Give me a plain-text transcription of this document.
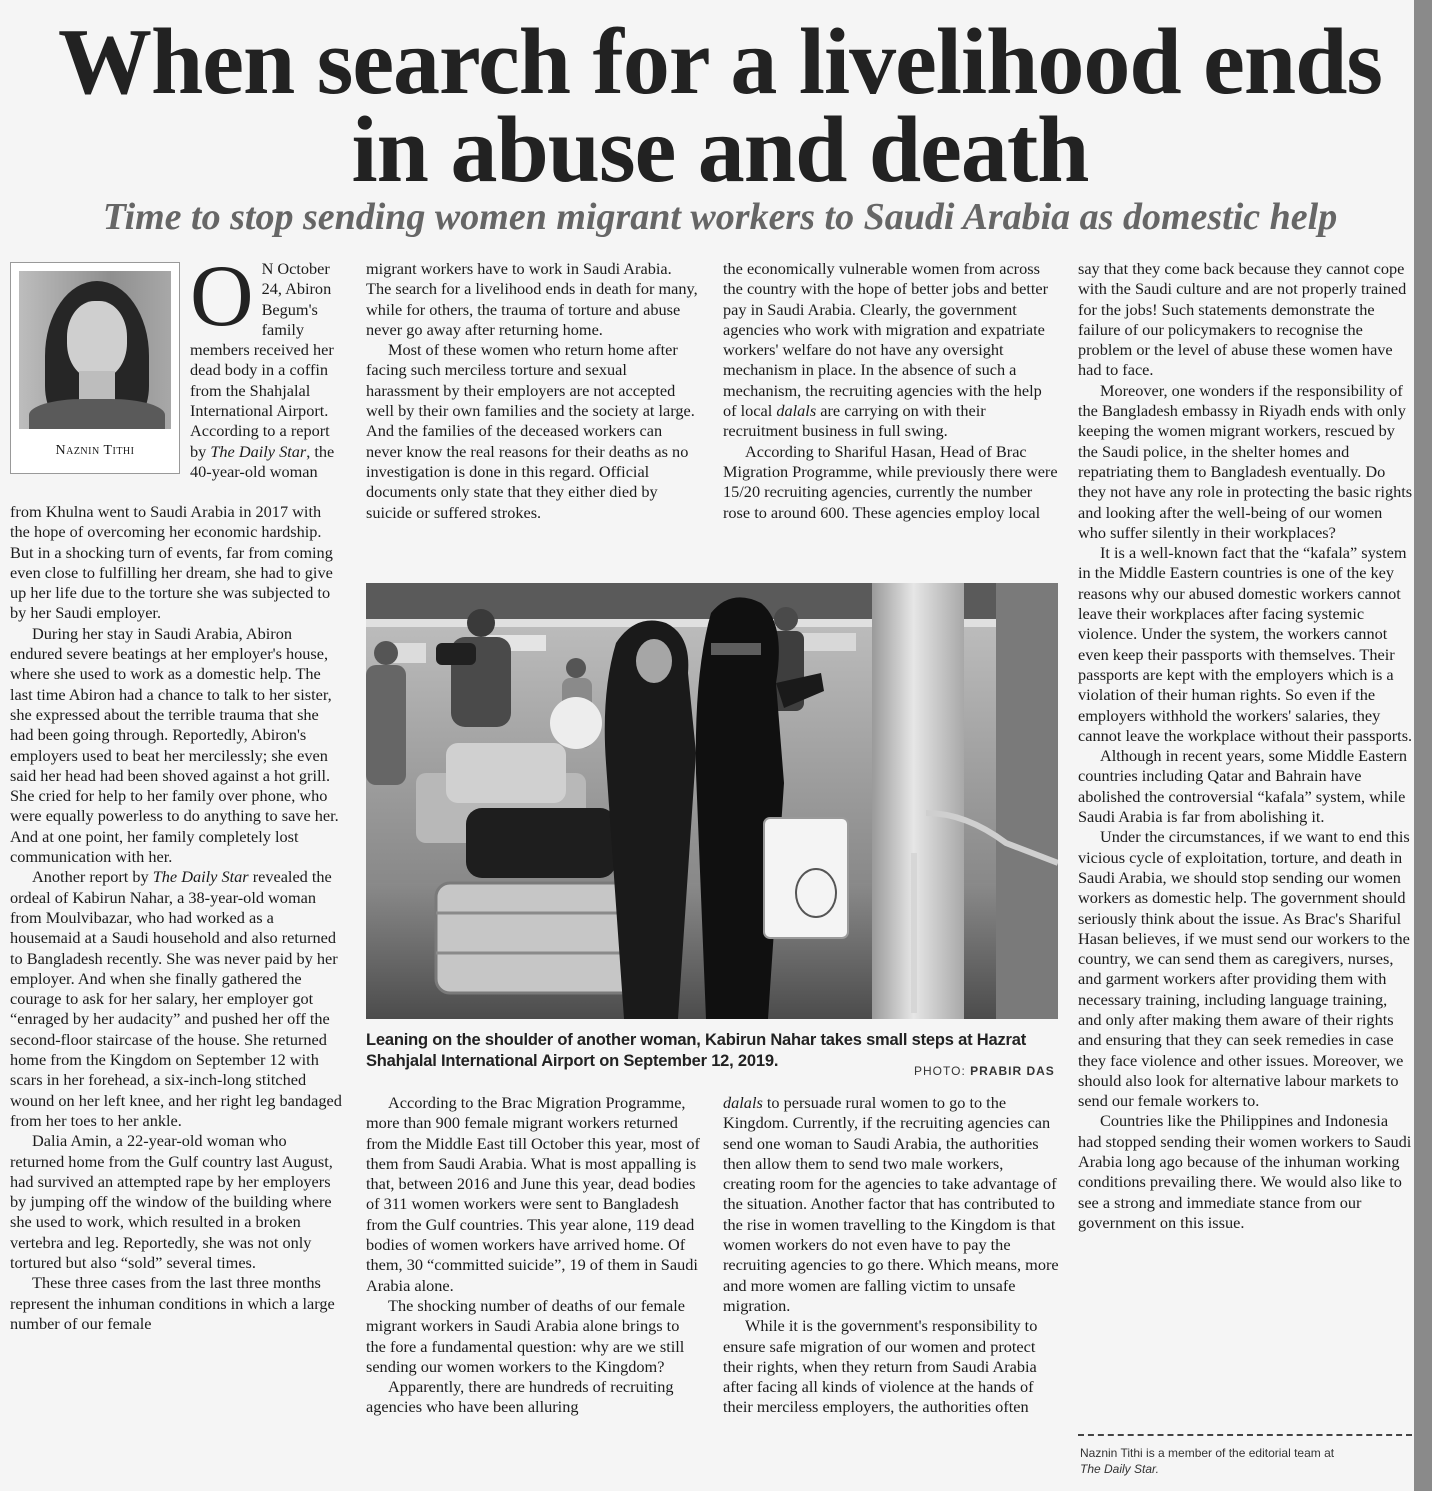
When search for a livelihood ends in abuse and death
Time to stop sending women migrant workers to Saudi Arabia as domestic help
Naznin Tithi

O N October 24, Abiron Begum's family members received her dead body in a coffin from the Shahjalal International Airport. According to a report by The Daily Star, the 40-year-old woman

from Khulna went to Saudi Arabia in 2017 with the hope of overcoming her economic hardship. But in a shocking turn of events, far from coming even close to fulfilling her dream, she had to give up her life due to the torture she was subjected to by her Saudi employer.

During her stay in Saudi Arabia, Abiron endured severe beatings at her employer's house, where she used to work as a domestic help. The last time Abiron had a chance to talk to her sister, she expressed about the terrible trauma that she had been going through. Reportedly, Abiron's employers used to beat her mercilessly; she even said her head had been shoved against a hot grill. She cried for help to her family over phone, who were equally powerless to do anything to save her. And at one point, her family completely lost communication with her.

Another report by The Daily Star revealed the ordeal of Kabirun Nahar, a 38-year-old woman from Moulvibazar, who had worked as a housemaid at a Saudi household and also returned to Bangladesh recently. She was never paid by her employer. And when she finally gathered the courage to ask for her salary, her employer got “enraged by her audacity” and pushed her off the second-floor staircase of the house. She returned home from the Kingdom on September 12 with scars in her forehead, a six-inch-long stitched wound on her left knee, and her right leg bandaged from her toes to her ankle.

Dalia Amin, a 22-year-old woman who returned home from the Gulf country last August, had survived an attempted rape by her employers by jumping off the window of the building where she used to work, which resulted in a broken vertebra and leg. Reportedly, she was not only tortured but also “sold” several times.

These three cases from the last three months represent the inhuman conditions in which a large number of our female

migrant workers have to work in Saudi Arabia. The search for a livelihood ends in death for many, while for others, the trauma of torture and abuse never go away after returning home.

Most of these women who return home after facing such merciless torture and sexual harassment by their employers are not accepted well by their own families and the society at large. And the families of the deceased workers can never know the real reasons for their deaths as no investigation is done in this regard. Official documents only state that they either died by suicide or suffered strokes.

the economically vulnerable women from across the country with the hope of better jobs and better pay in Saudi Arabia. Clearly, the government agencies who work with migration and expatriate workers' welfare do not have any oversight mechanism in place. In the absence of such a mechanism, the recruiting agencies with the help of local dalals are carrying on with their recruitment business in full swing.

According to Shariful Hasan, Head of Brac Migration Programme, while previously there were 15/20 recruiting agencies, currently the number rose to around 600. These agencies employ local

Leaning on the shoulder of another woman, Kabirun Nahar takes small steps at Hazrat Shahjalal International Airport on September 12, 2019.
PHOTO: PRABIR DAS

According to the Brac Migration Programme, more than 900 female migrant workers returned from the Middle East till October this year, most of them from Saudi Arabia. What is most appalling is that, between 2016 and June this year, dead bodies of 311 women workers were sent to Bangladesh from the Gulf countries. This year alone, 119 dead bodies of women workers have arrived home. Of them, 30 “committed suicide”, 19 of them in Saudi Arabia alone.

The shocking number of deaths of our female migrant workers in Saudi Arabia alone brings to the fore a fundamental question: why are we still sending our women workers to the Kingdom?

Apparently, there are hundreds of recruiting agencies who have been alluring

dalals to persuade rural women to go to the Kingdom. Currently, if the recruiting agencies can send one woman to Saudi Arabia, the authorities then allow them to send two male workers, creating room for the agencies to take advantage of the situation. Another factor that has contributed to the rise in women travelling to the Kingdom is that women workers do not even have to pay the recruiting agencies to go there. Which means, more and more women are falling victim to unsafe migration.

While it is the government's responsibility to ensure safe migration of our women and protect their rights, when they return from Saudi Arabia after facing all kinds of violence at the hands of their merciless employers, the authorities often

say that they come back because they cannot cope with the Saudi culture and are not properly trained for the jobs! Such statements demonstrate the failure of our policymakers to recognise the problem or the level of abuse these women have had to face.

Moreover, one wonders if the responsibility of the Bangladesh embassy in Riyadh ends with only keeping the women migrant workers, rescued by the Saudi police, in the shelter homes and repatriating them to Bangladesh eventually. Do they not have any role in protecting the basic rights and looking after the well-being of our women who suffer silently in their workplaces?

It is a well-known fact that the “kafala” system in the Middle Eastern countries is one of the key reasons why our abused domestic workers cannot leave their workplaces after facing systemic violence. Under the system, the workers cannot even keep their passports with themselves. Their passports are kept with the employers which is a violation of their human rights. So even if the employers withhold the workers' salaries, they cannot leave the workplace without their passports.

Although in recent years, some Middle Eastern countries including Qatar and Bahrain have abolished the controversial “kafala” system, while Saudi Arabia is far from abolishing it.

Under the circumstances, if we want to end this vicious cycle of exploitation, torture, and death in Saudi Arabia, we should stop sending our women workers as domestic help. The government should seriously think about the issue. As Brac's Shariful Hasan believes, if we must send our workers to the country, we can send them as caregivers, nurses, and garment workers after providing them with necessary training, including language training, and only after making them aware of their rights and ensuring that they can seek remedies in case they face violence and other issues. Moreover, we should also look for alternative labour markets to send our female workers to.

Countries like the Philippines and Indonesia had stopped sending their women workers to Saudi Arabia long ago because of the inhuman working conditions prevailing there. We would also like to see a strong and immediate stance from our government on this issue.

Naznin Tithi is a member of the editorial team at
The Daily Star.
